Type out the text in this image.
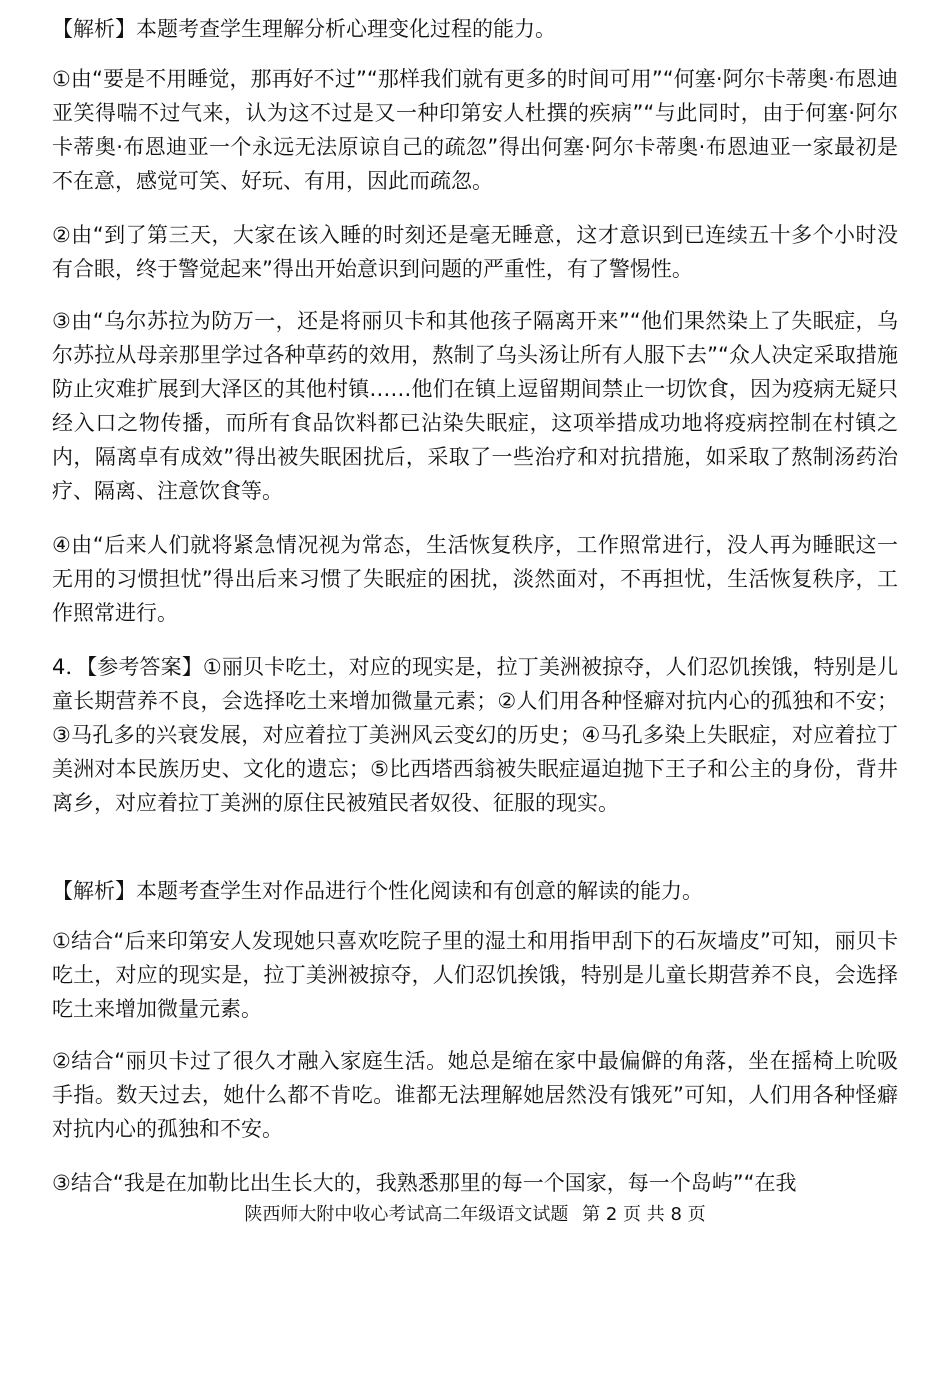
【解析】本题考查学生理解分析心理变化过程的能力。

①由“要是不用睡觉，那再好不过”“那样我们就有更多的时间可用”“何塞·阿尔卡蒂奥·布恩迪亚笑得喘不过气来，认为这不过是又一种印第安人杜撰的疾病”“与此同时，由于何塞·阿尔卡蒂奥·布恩迪亚一个永远无法原谅自己的疏忽”得出何塞·阿尔卡蒂奥·布恩迪亚一家最初是不在意，感觉可笑、好玩、有用，因此而疏忽。

②由“到了第三天，大家在该入睡的时刻还是毫无睡意，这才意识到已连续五十多个小时没有合眼，终于警觉起来”得出开始意识到问题的严重性，有了警惕性。

③由“乌尔苏拉为防万一，还是将丽贝卡和其他孩子隔离开来”“他们果然染上了失眠症，乌尔苏拉从母亲那里学过各种草药的效用，熬制了乌头汤让所有人服下去”“众人决定采取措施防止灾难扩展到大泽区的其他村镇……他们在镇上逗留期间禁止一切饮食，因为疫病无疑只经入口之物传播，而所有食品饮料都已沾染失眠症，这项举措成功地将疫病控制在村镇之内，隔离卓有成效”得出被失眠困扰后，采取了一些治疗和对抗措施，如采取了熬制汤药治疗、隔离、注意饮食等。

④由“后来人们就将紧急情况视为常态，生活恢复秩序，工作照常进行，没人再为睡眠这一无用的习惯担忧”得出后来习惯了失眠症的困扰，淡然面对，不再担忧，生活恢复秩序，工作照常进行。

4．【参考答案】①丽贝卡吃土，对应的现实是，拉丁美洲被掠夺，人们忍饥挨饿，特别是儿童长期营养不良，会选择吃土来增加微量元素；②人们用各种怪癖对抗内心的孤独和不安；③马孔多的兴衰发展，对应着拉丁美洲风云变幻的历史；④马孔多染上失眠症，对应着拉丁美洲对本民族历史、文化的遗忘；⑤比西塔西翁被失眠症逼迫抛下王子和公主的身份，背井离乡，对应着拉丁美洲的原住民被殖民者奴役、征服的现实。

【解析】本题考查学生对作品进行个性化阅读和有创意的解读的能力。

①结合“后来印第安人发现她只喜欢吃院子里的湿土和用指甲刮下的石灰墙皮”可知，丽贝卡吃土，对应的现实是，拉丁美洲被掠夺，人们忍饥挨饿，特别是儿童长期营养不良，会选择吃土来增加微量元素。

②结合“丽贝卡过了很久才融入家庭生活。她总是缩在家中最偏僻的角落，坐在摇椅上吮吸手指。数天过去，她什么都不肯吃。谁都无法理解她居然没有饿死”可知，人们用各种怪癖对抗内心的孤独和不安。

③结合“我是在加勒比出生长大的，我熟悉那里的每一个国家，每一个岛屿”“在我

陕西师大附中收心考试高二年级语文试题 第 2 页 共 8 页
